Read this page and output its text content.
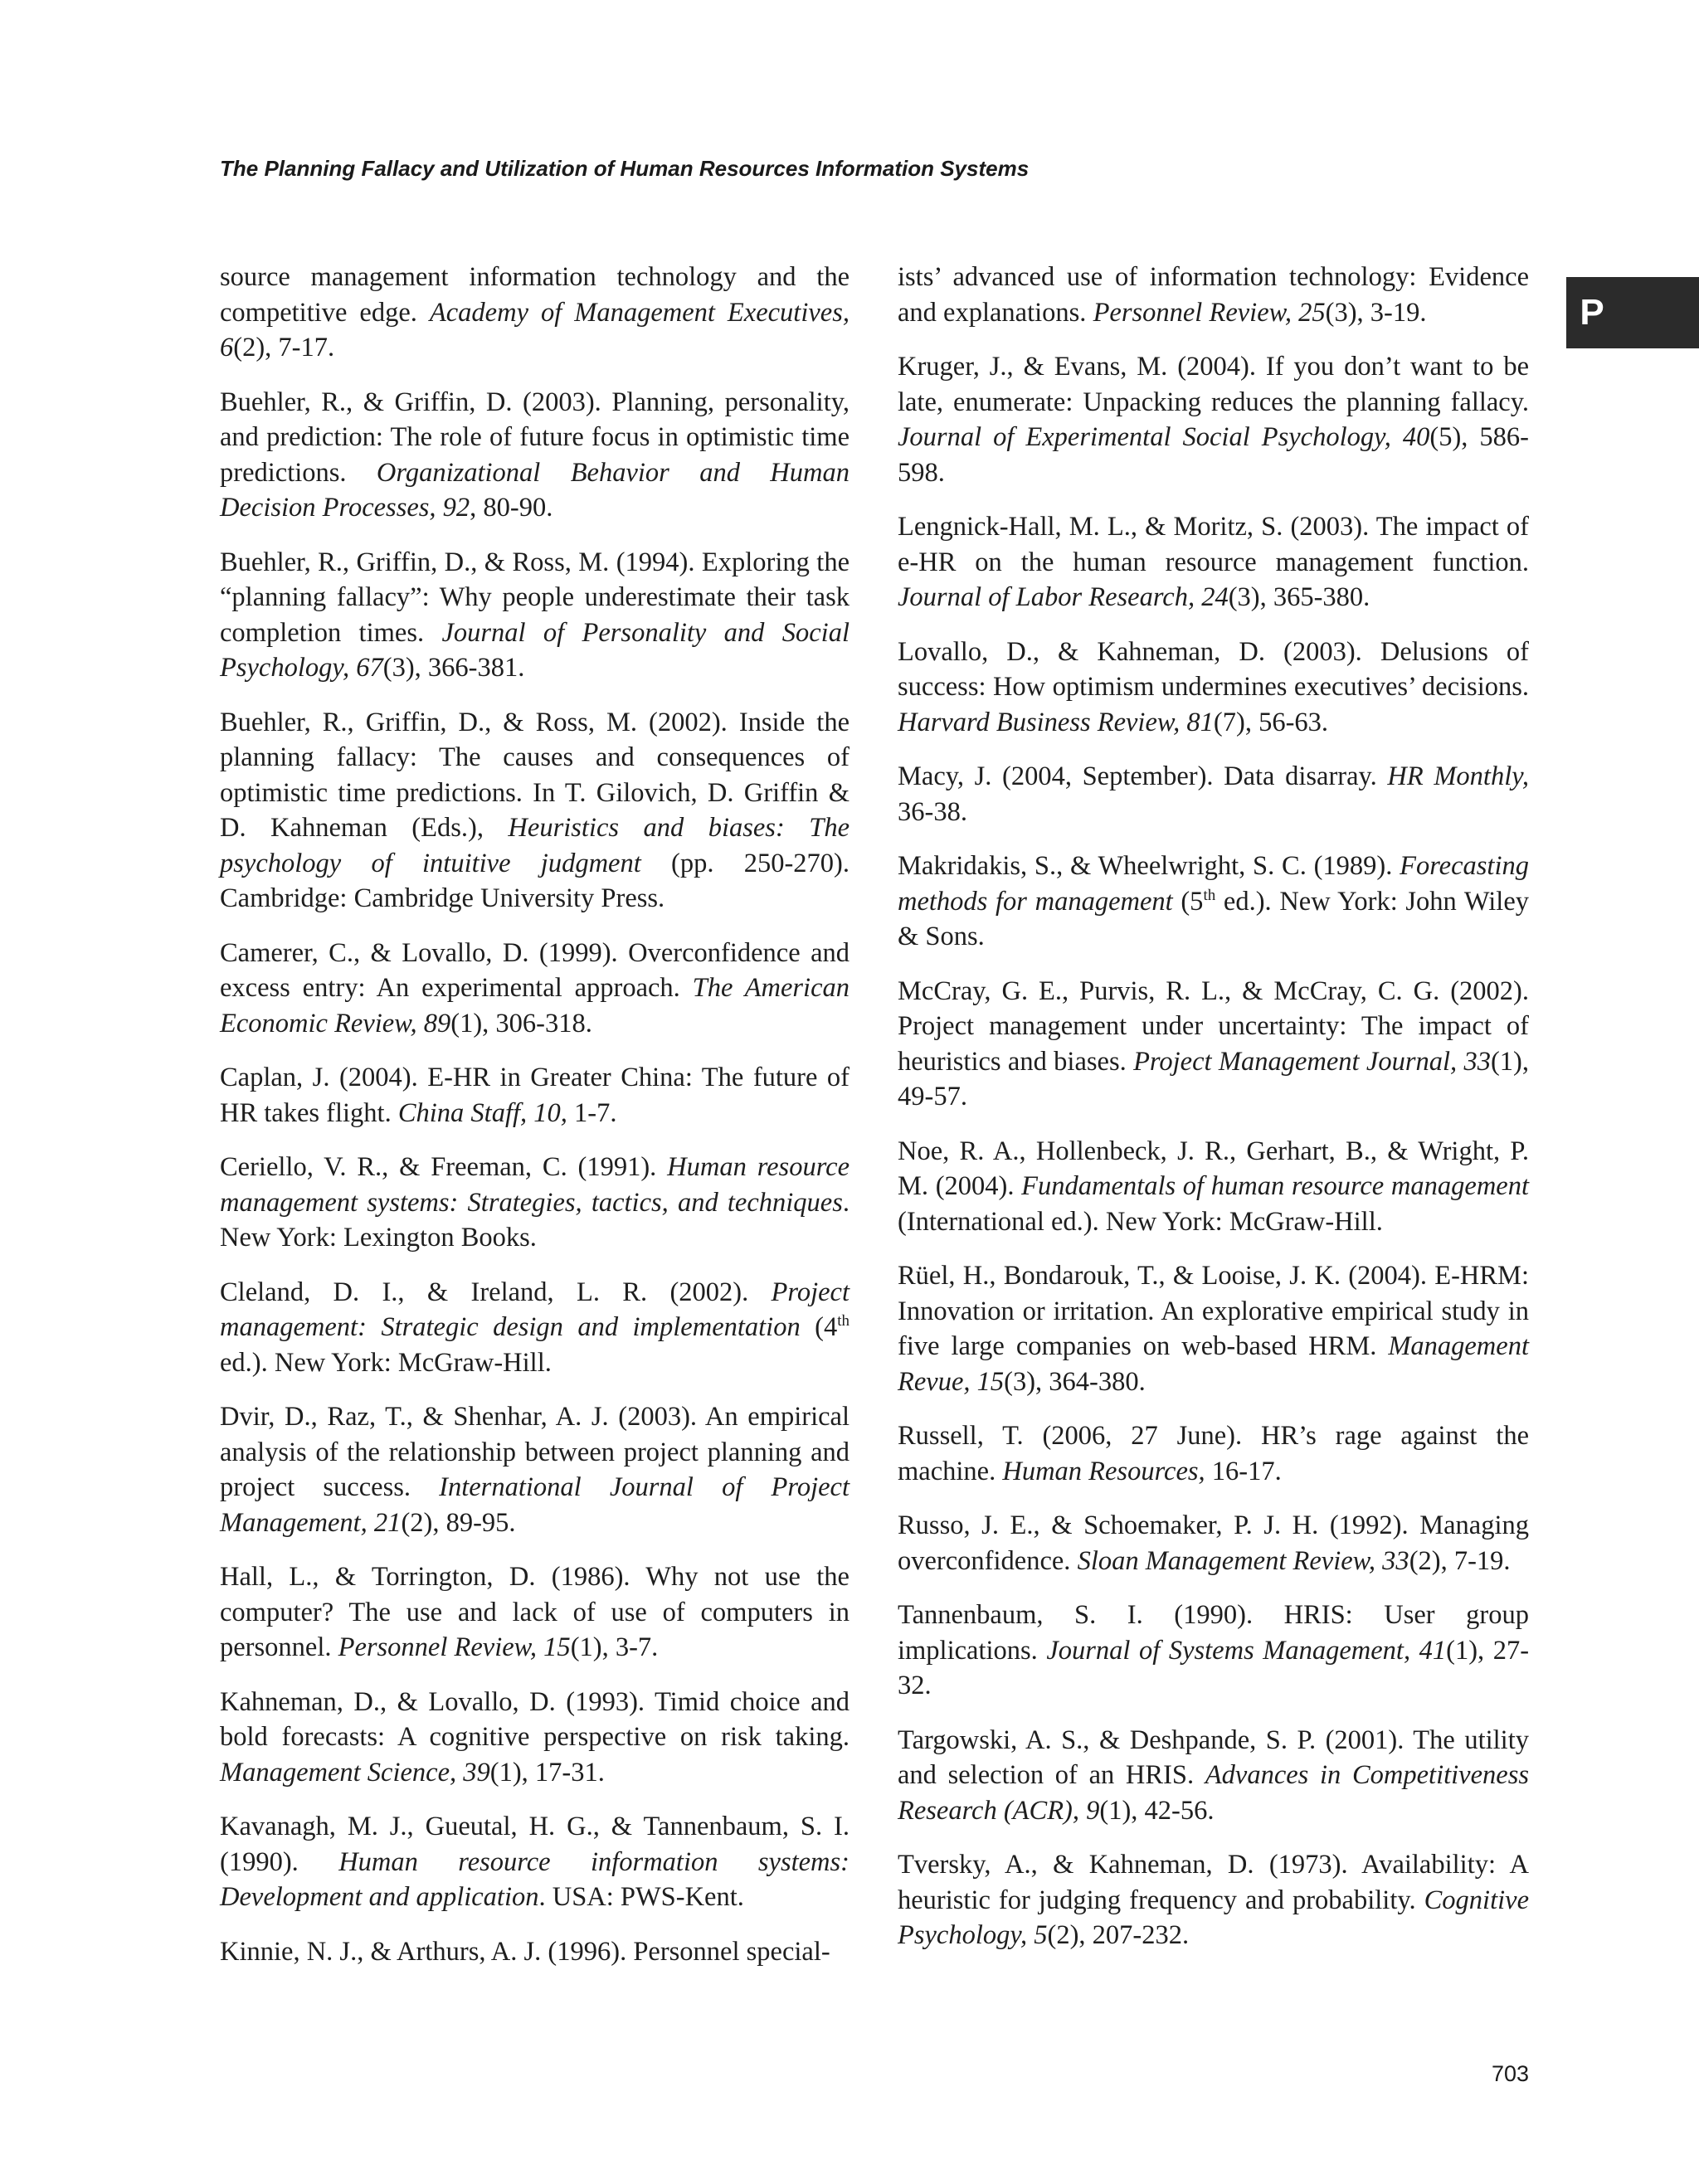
The Planning Fallacy and Utilization of Human Resources Information Systems
P

source management information technology and the competitive edge. Academy of Management Executives, 6(2), 7-17.

Buehler, R., & Griffin, D. (2003). Planning, personality, and prediction: The role of future focus in optimistic time predictions. Organizational Behavior and Human Decision Processes, 92, 80-90.

Buehler, R., Griffin, D., & Ross, M. (1994). Exploring the “planning fallacy”: Why people underestimate their task completion times. Journal of Personality and Social Psychology, 67(3), 366-381.

Buehler, R., Griffin, D., & Ross, M. (2002). Inside the planning fallacy: The causes and consequences of optimistic time predictions. In T. Gilovich, D. Griffin & D. Kahneman (Eds.), Heuristics and biases: The psychology of intuitive judgment (pp. 250-270). Cambridge: Cambridge University Press.

Camerer, C., & Lovallo, D. (1999). Overconfidence and excess entry: An experimental approach. The American Economic Review, 89(1), 306-318.

Caplan, J. (2004). E-HR in Greater China: The future of HR takes flight. China Staff, 10, 1-7.

Ceriello, V. R., & Freeman, C. (1991). Human resource management systems: Strategies, tactics, and techniques. New York: Lexington Books.

Cleland, D. I., & Ireland, L. R. (2002). Project management: Strategic design and implementation (4th ed.). New York: McGraw-Hill.

Dvir, D., Raz, T., & Shenhar, A. J. (2003). An empirical analysis of the relationship between project planning and project success. International Journal of Project Management, 21(2), 89-95.

Hall, L., & Torrington, D. (1986). Why not use the computer? The use and lack of use of computers in personnel. Personnel Review, 15(1), 3-7.

Kahneman, D., & Lovallo, D. (1993). Timid choice and bold forecasts: A cognitive perspective on risk taking. Management Science, 39(1), 17-31.

Kavanagh, M. J., Gueutal, H. G., & Tannenbaum, S. I. (1990). Human resource information systems: Development and application. USA: PWS-Kent.

Kinnie, N. J., & Arthurs, A. J. (1996). Personnel special-

ists’ advanced use of information technology: Evidence and explanations. Personnel Review, 25(3), 3-19.

Kruger, J., & Evans, M. (2004). If you don’t want to be late, enumerate: Unpacking reduces the planning fallacy. Journal of Experimental Social Psychology, 40(5), 586-598.

Lengnick-Hall, M. L., & Moritz, S. (2003). The impact of e-HR on the human resource management function. Journal of Labor Research, 24(3), 365-380.

Lovallo, D., & Kahneman, D. (2003). Delusions of success: How optimism undermines executives’ decisions. Harvard Business Review, 81(7), 56-63.

Macy, J. (2004, September). Data disarray. HR Monthly, 36-38.

Makridakis, S., & Wheelwright, S. C. (1989). Forecasting methods for management (5th ed.). New York: John Wiley & Sons.

McCray, G. E., Purvis, R. L., & McCray, C. G. (2002). Project management under uncertainty: The impact of heuristics and biases. Project Management Journal, 33(1), 49-57.

Noe, R. A., Hollenbeck, J. R., Gerhart, B., & Wright, P. M. (2004). Fundamentals of human resource management (International ed.). New York: McGraw-Hill.

Rüel, H., Bondarouk, T., & Looise, J. K. (2004). E-HRM: Innovation or irritation. An explorative empirical study in five large companies on web-based HRM. Management Revue, 15(3), 364-380.

Russell, T. (2006, 27 June). HR’s rage against the machine. Human Resources, 16-17.

Russo, J. E., & Schoemaker, P. J. H. (1992). Managing overconfidence. Sloan Management Review, 33(2), 7-19.

Tannenbaum, S. I. (1990). HRIS: User group implications. Journal of Systems Management, 41(1), 27-32.

Targowski, A. S., & Deshpande, S. P. (2001). The utility and selection of an HRIS. Advances in Competitiveness Research (ACR), 9(1), 42-56.

Tversky, A., & Kahneman, D. (1973). Availability: A heuristic for judging frequency and probability. Cognitive Psychology, 5(2), 207-232.

703
